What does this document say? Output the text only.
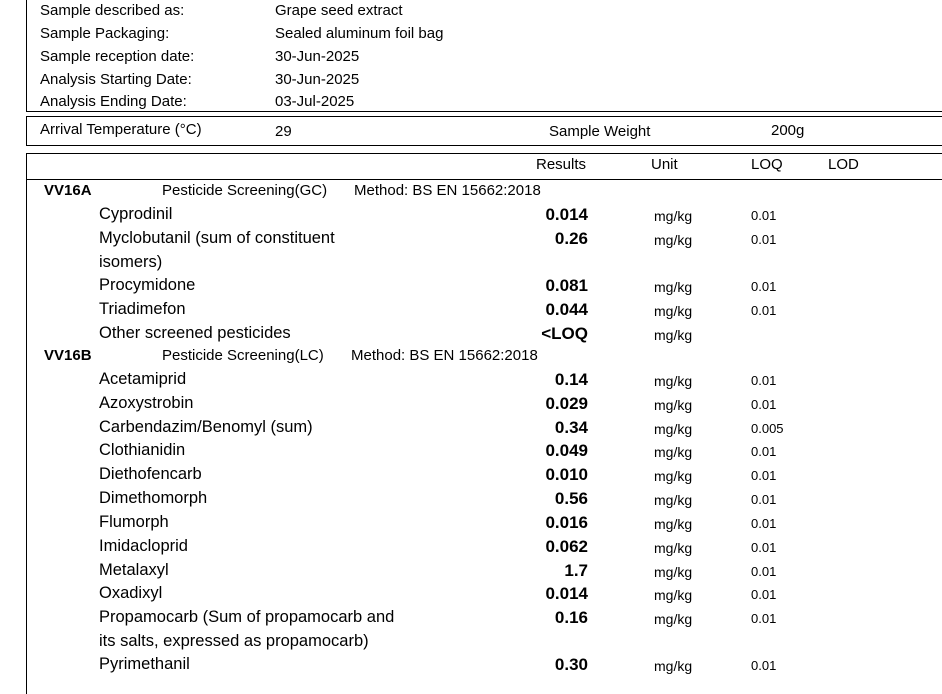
Sample described as:	Grape seed extract
Sample Packaging:	Sealed aluminum foil bag
Sample reception date:	30-Jun-2025
Analysis Starting Date:	30-Jun-2025
Analysis Ending Date:	03-Jul-2025
Arrival Temperature (°C)	29	Sample Weight	200g
Results	Unit	LOQ	LOD
VV16A	Pesticide Screening(GC) Method: BS EN 15662:2018
Cyprodinil	0.014	mg/kg	0.01
Myclobutanil (sum of constituent
isomers)
0.26	mg/kg	0.01
Procymidone	0.081	mg/kg	0.01
Triadimefon	0.044	mg/kg	0.01
Other screened pesticides	<LOQ	mg/kg
VV16B	Pesticide Screening(LC) Method: BS EN 15662:2018
Acetamiprid	0.14	mg/kg	0.01
Azoxystrobin	0.029	mg/kg	0.01
Carbendazim/Benomyl (sum)	0.34	mg/kg	0.005
Clothianidin	0.049	mg/kg	0.01
Diethofencarb	0.010	mg/kg	0.01
Dimethomorph	0.56	mg/kg	0.01
Flumorph	0.016	mg/kg	0.01
Imidacloprid	0.062	mg/kg	0.01
Metalaxyl	1.7	mg/kg	0.01
Oxadixyl	0.014	mg/kg	0.01
Propamocarb (Sum of propamocarb and
its salts, expressed as propamocarb)
0.16	mg/kg	0.01
Pyrimethanil	0.30	mg/kg	0.01
